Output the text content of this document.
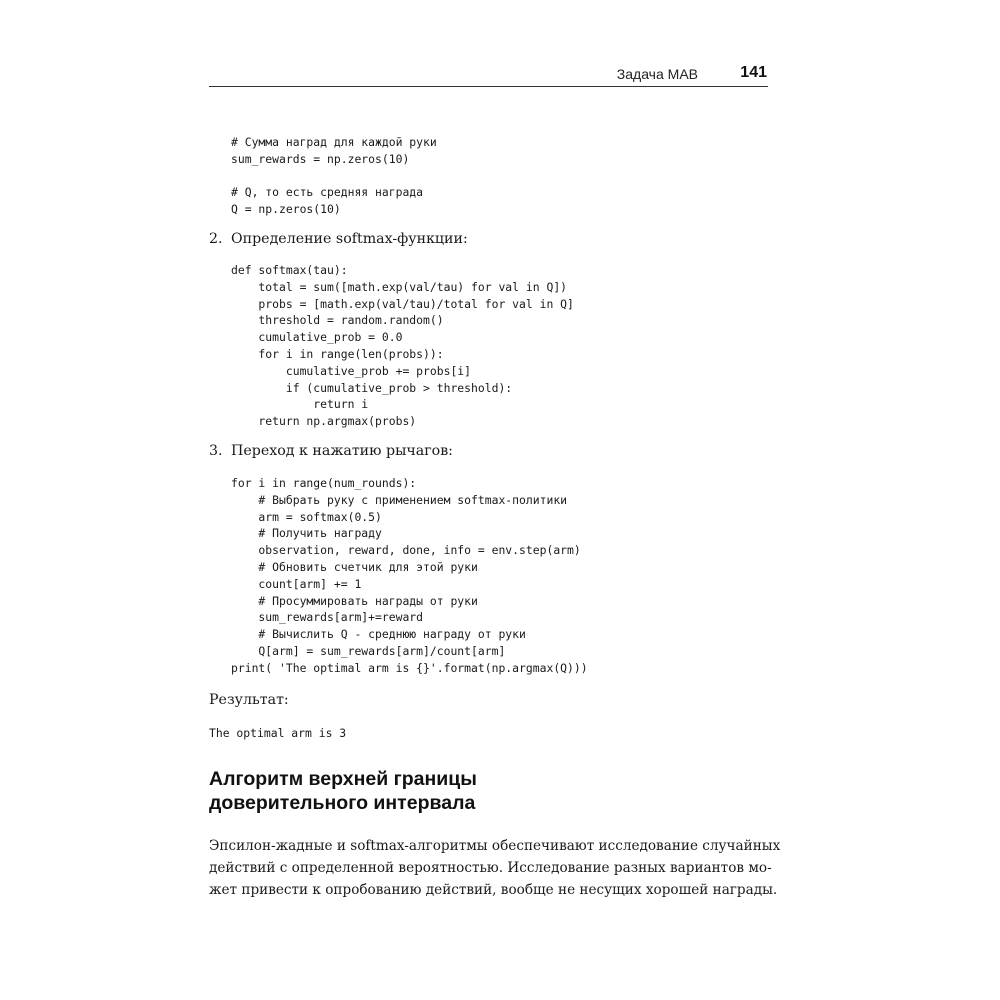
Задача MAB	141
# Сумма наград для каждой руки
sum_rewards = np.zeros(10)
# Q, то есть средняя награда
Q = np.zeros(10)
2. Определение softmax-функции:
def softmax(tau):
total = sum([math.exp(val/tau) for val in Q])
probs = [math.exp(val/tau)/total for val in Q]
threshold = random.random()
cumulative_prob = 0.0
for i in range(len(probs)):
cumulative_prob += probs[i]
if (cumulative_prob > threshold):
return i
return np.argmax(probs)
3. Переход к нажатию рычагов:
for i in range(num_rounds):
# Выбрать руку с применением softmax-политики
arm = softmax(0.5)
# Получить награду
observation, reward, done, info = env.step(arm)
# Обновить счетчик для этой руки
count[arm] += 1
# Просуммировать награды от руки
sum_rewards[arm]+=reward
# Вычислить Q - среднюю награду от руки
Q[arm] = sum_rewards[arm]/count[arm]
print( 'The optimal arm is {}'.format(np.argmax(Q)))
Результат:
The optimal arm is 3
Алгоритм верхней границы
доверительного интервала

Эпсилон-жадные и softmax-алгоритмы обеспечивают исследование случайных
действий с определенной вероятностью. Исследование разных вариантов мо-
жет привести к опробованию действий, вообще не несущих хорошей награды.
